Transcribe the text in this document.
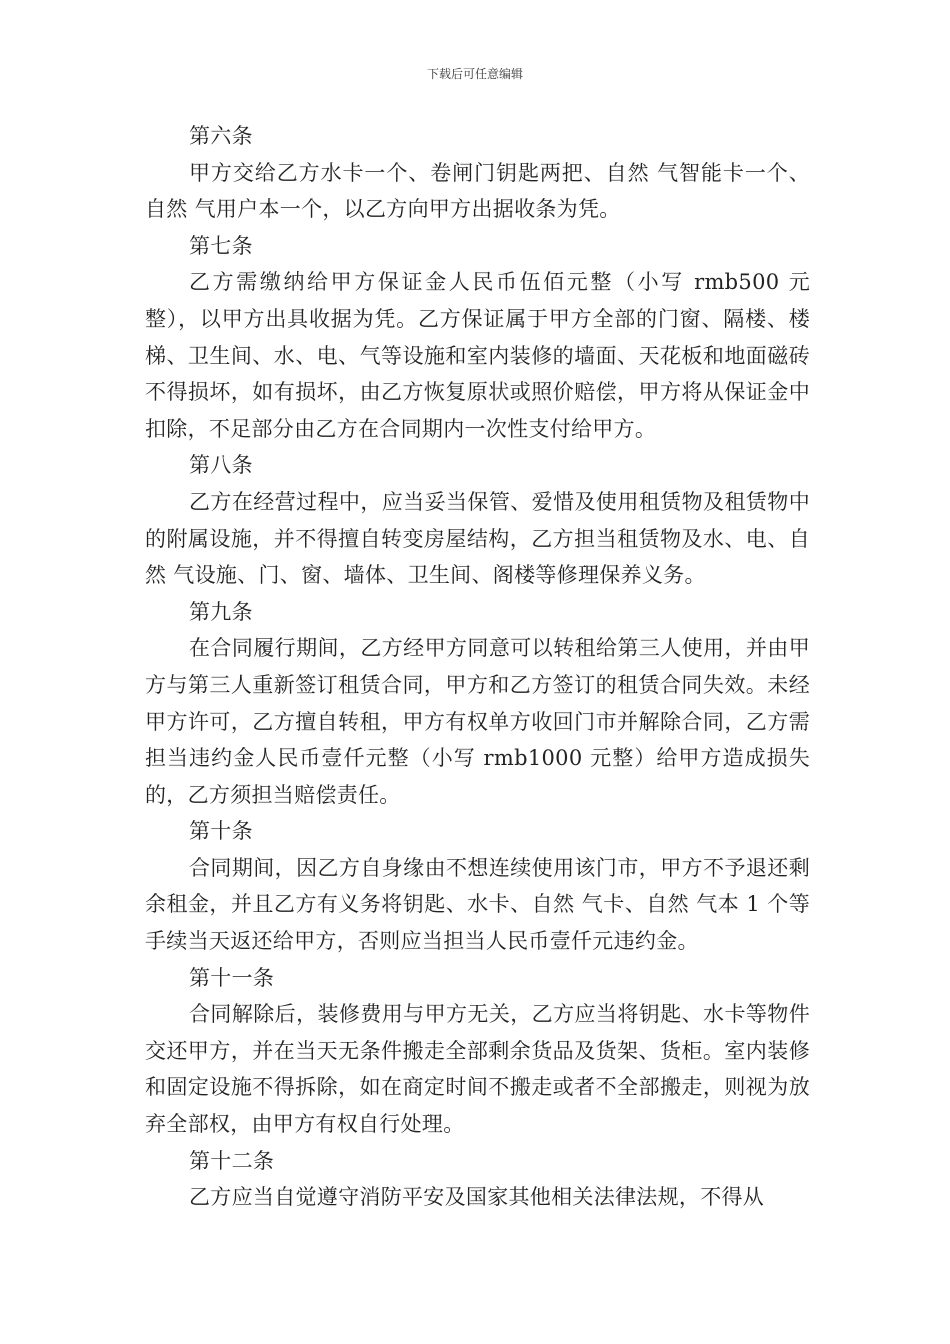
下载后可任意编辑
第六条

甲方交给乙方水卡一个、卷闸门钥匙两把、自然 气智能卡一个、自然 气用户本一个，以乙方向甲方出据收条为凭。

第七条

乙方需缴纳给甲方保证金人民币伍佰元整（小写 rmb500 元整），以甲方出具收据为凭。乙方保证属于甲方全部的门窗、隔楼、楼梯、卫生间、水、电、气等设施和室内装修的墙面、天花板和地面磁砖不得损坏，如有损坏，由乙方恢复原状或照价赔偿，甲方将从保证金中扣除，不足部分由乙方在合同期内一次性支付给甲方。

第八条

乙方在经营过程中，应当妥当保管、爱惜及使用租赁物及租赁物中的附属设施，并不得擅自转变房屋结构，乙方担当租赁物及水、电、自然 气设施、门、窗、墙体、卫生间、阁楼等修理保养义务。

第九条

在合同履行期间，乙方经甲方同意可以转租给第三人使用，并由甲方与第三人重新签订租赁合同，甲方和乙方签订的租赁合同失效。未经甲方许可，乙方擅自转租，甲方有权单方收回门市并解除合同，乙方需担当违约金人民币壹仟元整（小写 rmb1000 元整）给甲方造成损失的，乙方须担当赔偿责任。

第十条

合同期间，因乙方自身缘由不想连续使用该门市，甲方不予退还剩余租金，并且乙方有义务将钥匙、水卡、自然 气卡、自然 气本 1 个等手续当天返还给甲方，否则应当担当人民币壹仟元违约金。

第十一条

合同解除后，装修费用与甲方无关，乙方应当将钥匙、水卡等物件交还甲方，并在当天无条件搬走全部剩余货品及货架、货柜。室内装修和固定设施不得拆除，如在商定时间不搬走或者不全部搬走，则视为放弃全部权，由甲方有权自行处理。

第十二条

乙方应当自觉遵守消防平安及国家其他相关法律法规，不得从
